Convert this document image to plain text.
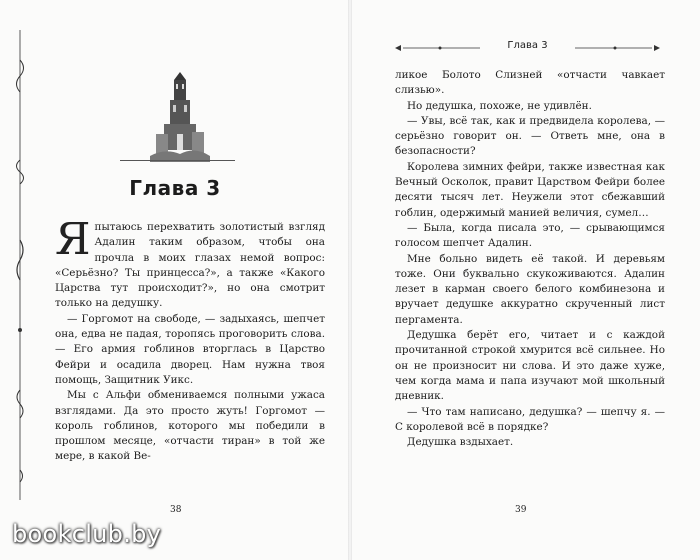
Глава 3

Япытаюсь перехватить золотистый взгляд Адалин таким образом, чтобы она прочла в моих глазах немой вопрос: «Серьёзно? Ты принцесса?», а также «Какого Царства тут происходит?», но она смотрит только на дедушку.

— Горгомот на свободе, — задыхаясь, шепчет она, едва не падая, торопясь проговорить слова. — Его армия гоблинов вторглась в Царство Фейри и осадила дворец. Нам нужна твоя помощь, Защитник Уикс.

Мы с Альфи обмениваемся полными ужаса взглядами. Да это просто жуть! Горгомот — король гоблинов, которого мы победили в прошлом месяце, «отчасти тиран» в той же мере, в какой Ве-

38
Глава 3

ликое Болото Слизней «отчасти чавкает слизью».

Но дедушка, похоже, не удивлён.

— Увы, всё так, как и предвидела королева, — серьёзно говорит он. — Ответь мне, она в безопасности?

Королева зимних фейри, также известная как Вечный Осколок, правит Царством Фейри более десяти тысяч лет. Неужели этот сбежавший гоблин, одержимый манией величия, сумел…

— Была, когда писала это, — срывающимся голосом шепчет Адалин.

Мне больно видеть её такой. И деревьям тоже. Они буквально скукоживаются. Адалин лезет в карман своего белого комбинезона и вручает дедушке аккуратно скрученный лист пергамента.

Дедушка берёт его, читает и с каждой прочитанной строкой хмурится всё сильнее. Но он не произносит ни слова. И это даже хуже, чем когда мама и папа изучают мой школьный дневник.

— Что там написано, дедушка? — шепчу я. — С королевой всё в порядке?

Дедушка вздыхает.

39
bookclub.by
